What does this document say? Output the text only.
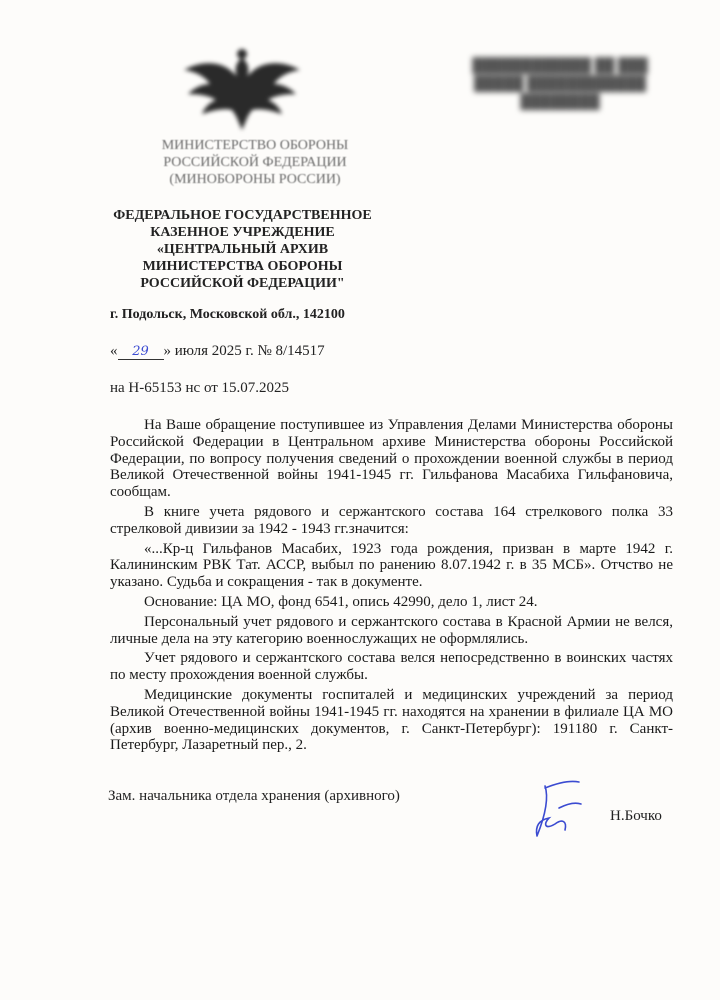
████████████ ██ ███
█████ ████████████ ████████
МИНИСТЕРСТВО ОБОРОНЫ
РОССИЙСКОЙ ФЕДЕРАЦИИ
(МИНОБОРОНЫ РОССИИ)
ФЕДЕРАЛЬНОЕ ГОСУДАРСТВЕННОЕ
КАЗЕННОЕ УЧРЕЖДЕНИЕ
«ЦЕНТРАЛЬНЫЙ АРХИВ
МИНИСТЕРСТВА ОБОРОНЫ
РОССИЙСКОЙ ФЕДЕРАЦИИ"
г. Подольск, Московской обл., 142100
« 29 » июля 2025 г. № 8/14517
на Н-65153 нс от 15.07.2025

На Ваше обращение поступившее из Управления Делами Министерства обороны Российской Федерации в Центральном архиве Министерства обороны Российской Федерации, по вопросу получения сведений о прохождении военной службы в период Великой Отечественной войны 1941-1945 гг. Гильфанова Масабиха Гильфановича, сообщам.

В книге учета рядового и сержантского состава 164 стрелкового полка 33 стрелковой дивизии за 1942 - 1943 гг.значится:

«...Кр-ц Гильфанов Масабих, 1923 года рождения, призван в марте 1942 г. Калининским РВК Тат. АССР, выбыл по ранению 8.07.1942 г. в 35 МСБ». Отчство не указано. Судьба и сокращения - так в документе.

Основание: ЦА МО, фонд 6541, опись 42990, дело 1, лист 24.

Персональный учет рядового и сержантского состава в Красной Армии не велся, личные дела на эту категорию военнослужащих не оформлялись.

Учет рядового и сержантского состава велся непосредственно в воинских частях по месту прохождения военной службы.

Медицинские документы госпиталей и медицинских учреждений за период Великой Отечественной войны 1941-1945 гг. находятся на хранении в филиале ЦА МО (архив военно-медицинских документов, г. Санкт-Петербург): 191180 г. Санкт-Петербург, Лазаретный пер., 2.

Зам. начальника отдела хранения (архивного)
Н.Бочко
